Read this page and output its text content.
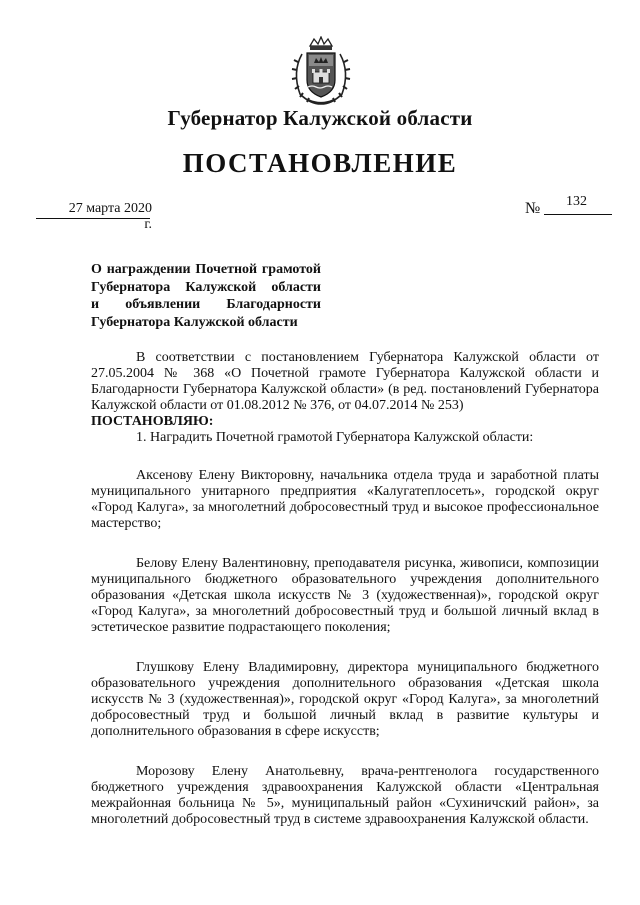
Губернатор Калужской области
ПОСТАНОВЛЕНИЕ
27 марта 2020 г.
№ 132
О награждении Почетной грамотой
Губернатора Калужской области
и объявлении Благодарности
Губернатора Калужской области

В соответствии с постановлением Губернатора Калужской области от 27.05.2004 № 368 «О Почетной грамоте Губернатора Калужской области и Благодарности Губернатора Калужской области» (в ред. постановлений Губернатора Калужской области от 01.08.2012 № 376, от 04.07.2014 № 253)

ПОСТАНОВЛЯЮ:

1. Наградить Почетной грамотой Губернатора Калужской области:

Аксенову Елену Викторовну, начальника отдела труда и заработной платы муниципального унитарного предприятия «Калугатеплосеть», городской округ «Город Калуга», за многолетний добросовестный труд и высокое профессиональное мастерство;

Белову Елену Валентиновну, преподавателя рисунка, живописи, композиции муниципального бюджетного образовательного учреждения дополнительного образования «Детская школа искусств № 3 (художественная)», городской округ «Город Калуга», за многолетний добросовестный труд и большой личный вклад в эстетическое развитие подрастающего поколения;

Глушкову Елену Владимировну, директора муниципального бюджетного образовательного учреждения дополнительного образования «Детская школа искусств № 3 (художественная)», городской округ «Город Калуга», за многолетний добросовестный труд и большой личный вклад в развитие культуры и дополнительного образования в сфере искусств;

Морозову Елену Анатольевну, врача-рентгенолога государственного бюджетного учреждения здравоохранения Калужской области «Центральная межрайонная больница № 5», муниципальный район «Сухиничский район», за многолетний добросовестный труд в системе здравоохранения Калужской области.
